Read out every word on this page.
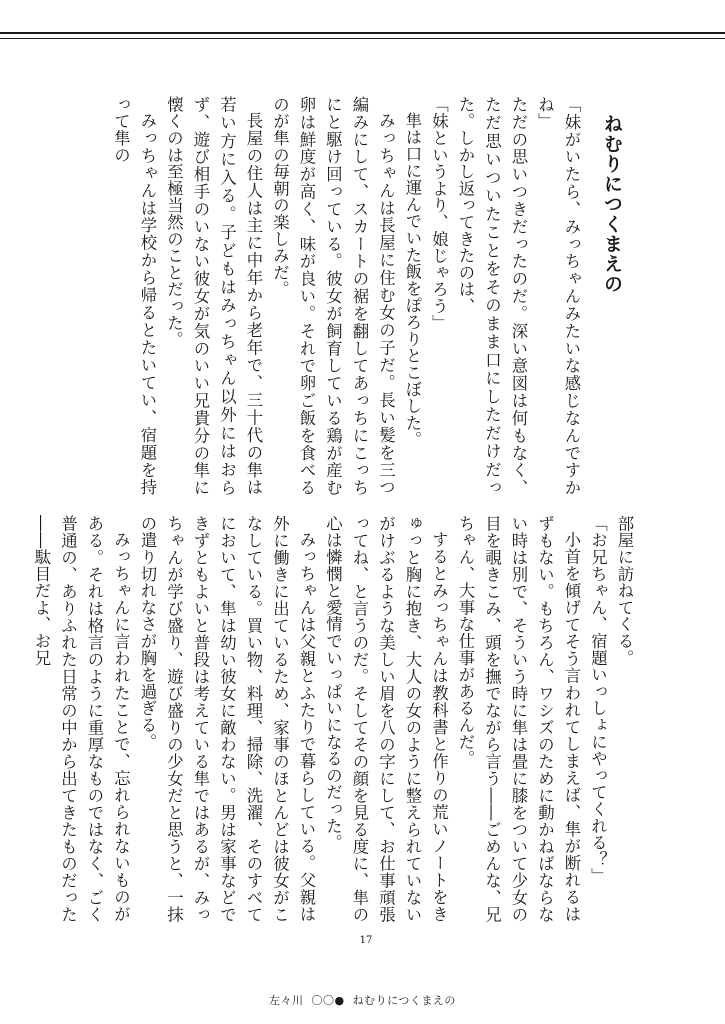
ねむりにつくまえの

「妹がいたら、みっちゃんみたいな感じなんですかね」

ただの思いつきだったのだ。深い意図は何もなく、ただ思いついたことをそのまま口にしただけだった。しかし返ってきたのは、

「妹というより、娘じゃろう」

隼は口に運んでいた飯をぽろりとこぼした。

みっちゃんは長屋に住む女の子だ。長い髪を三つ編みにして、スカートの裾を翻してあっちにこっちにと駆け回っている。彼女が飼育している鶏が産む卵は鮮度が高く、味が良い。それで卵ご飯を食べるのが隼の毎朝の楽しみだ。

長屋の住人は主に中年から老年で、三十代の隼は若い方に入る。子どもはみっちゃん以外にはおらず、遊び相手のいない彼女が気のいい兄貴分の隼に懐くのは至極当然のことだった。

みっちゃんは学校から帰るとたいてい、宿題を持って隼の

部屋に訪ねてくる。

「お兄ちゃん、宿題いっしょにやってくれる？」

小首を傾げてそう言われてしまえば、隼が断れるはずもない。もちろん、ワシズのために動かねばならない時は別で、そういう時に隼は畳に膝をついて少女の目を覗きこみ、頭を撫でながら言う――ごめんな、兄ちゃん、大事な仕事があるんだ。

するとみっちゃんは教科書と作りの荒いノートをきゅっと胸に抱き、大人の女のように整えられていないがけぶるような美しい眉を八の字にして、お仕事頑張ってね、と言うのだ。そしてその顔を見る度に、隼の心は憐憫と愛情でいっぱいになるのだった。

みっちゃんは父親とふたりで暮らしている。父親は外に働きに出ているため、家事のほとんどは彼女がこなしている。買い物、料理、掃除、洗濯、そのすべてにおいて、隼は幼い彼女に敵わない。男は家事などできずともよいと普段は考えている隼ではあるが、みっちゃんが学び盛り、遊び盛りの少女だと思うと、一抹の遣り切れなさが胸を過ぎる。

みっちゃんに言われたことで、忘れられないものがある。それは格言のように重厚なものではなく、ごく普通の、ありふれた日常の中から出てきたものだった――駄目だよ、お兄

17
左々川 〇〇● ねむりにつくまえの
